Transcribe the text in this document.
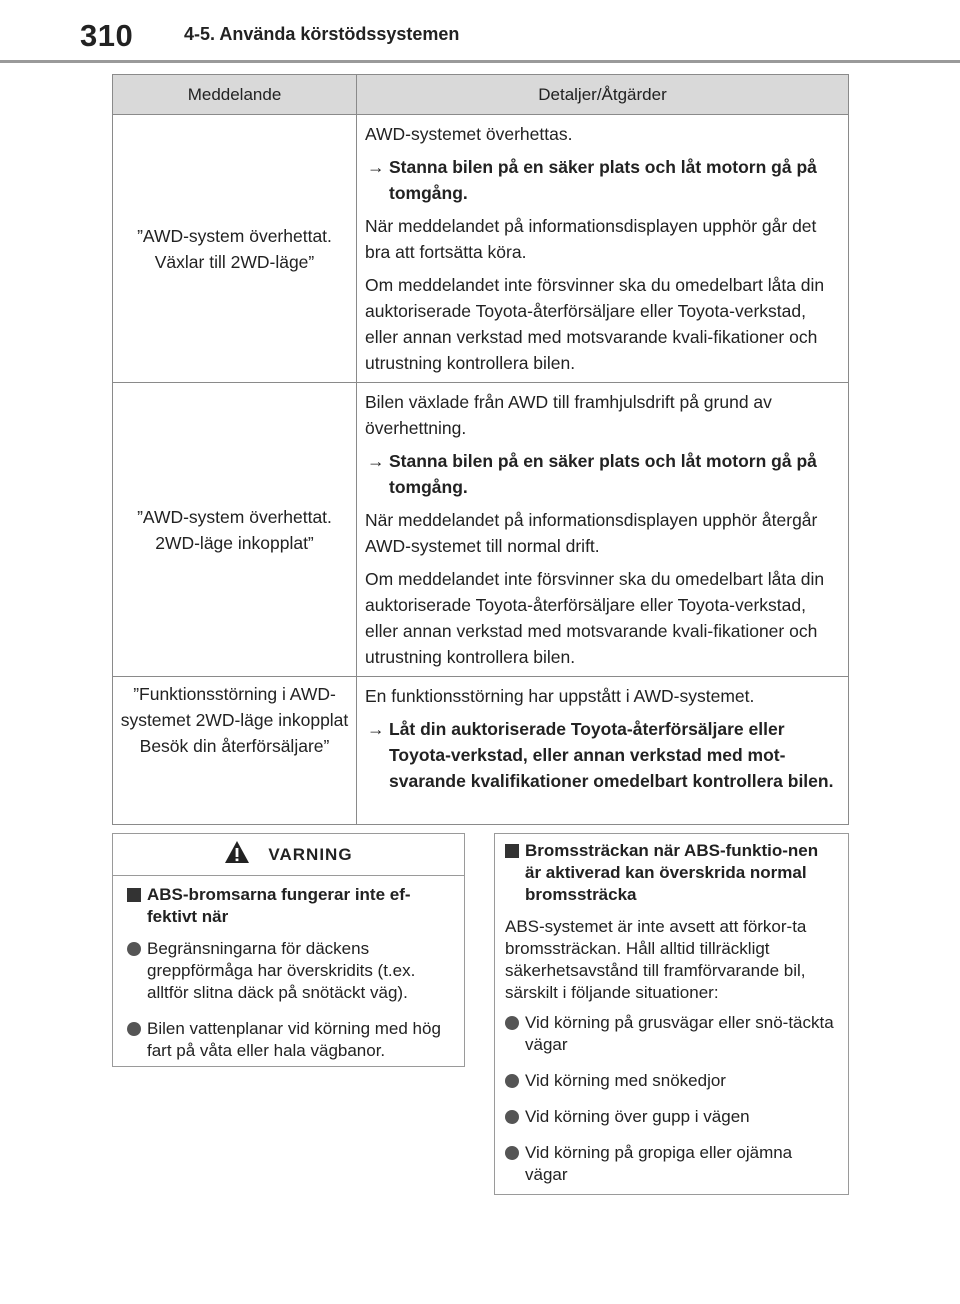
310	4-5. Använda körstödssystemen
Meddelande	Detaljer/Åtgärder
”AWD-system överhettat. Växlar till 2WD-läge”	AWD-systemet överhettas.
→ Stanna bilen på en säker plats och låt motorn gå på tomgång.
När meddelandet på informationsdisplayen upphör går det bra att fortsätta köra.
Om meddelandet inte försvinner ska du omedelbart låta din auktoriserade Toyota-återförsäljare eller Toyota-verkstad, eller annan verkstad med motsvarande kvali-fikationer och utrustning kontrollera bilen.

”AWD-system överhettat. 2WD-läge inkopplat”	Bilen växlade från AWD till framhjulsdrift på grund av överhettning.
→ Stanna bilen på en säker plats och låt motorn gå på tomgång.
När meddelandet på informationsdisplayen upphör återgår AWD-systemet till normal drift.
Om meddelandet inte försvinner ska du omedelbart låta din auktoriserade Toyota-återförsäljare eller Toyota-verkstad, eller annan verkstad med motsvarande kvali-fikationer och utrustning kontrollera bilen.

”Funktionsstörning i AWD-systemet 2WD-läge inkopplat Besök din återförsäljare”	En funktionsstörning har uppstått i AWD-systemet.
→ Låt din auktoriserade Toyota-återförsäljare eller Toyota-verkstad, eller annan verkstad med mot-svarande kvalifikationer omedelbart kontrollera bilen.
VARNING
ABS-bromsarna fungerar inte ef-fektivt när
Begränsningarna för däckens greppförmåga har överskridits (t.ex. alltför slitna däck på snötäckt väg).
Bilen vattenplanar vid körning med hög fart på våta eller hala vägbanor.
Bromssträckan när ABS-funktio-nen är aktiverad kan överskrida normal bromssträcka
ABS-systemet är inte avsett att förkor-ta bromssträckan. Håll alltid tillräckligt säkerhetsavstånd till framförvarande bil, särskilt i följande situationer:
Vid körning på grusvägar eller snö-täckta vägar
Vid körning med snökedjor
Vid körning över gupp i vägen
Vid körning på gropiga eller ojämna vägar
